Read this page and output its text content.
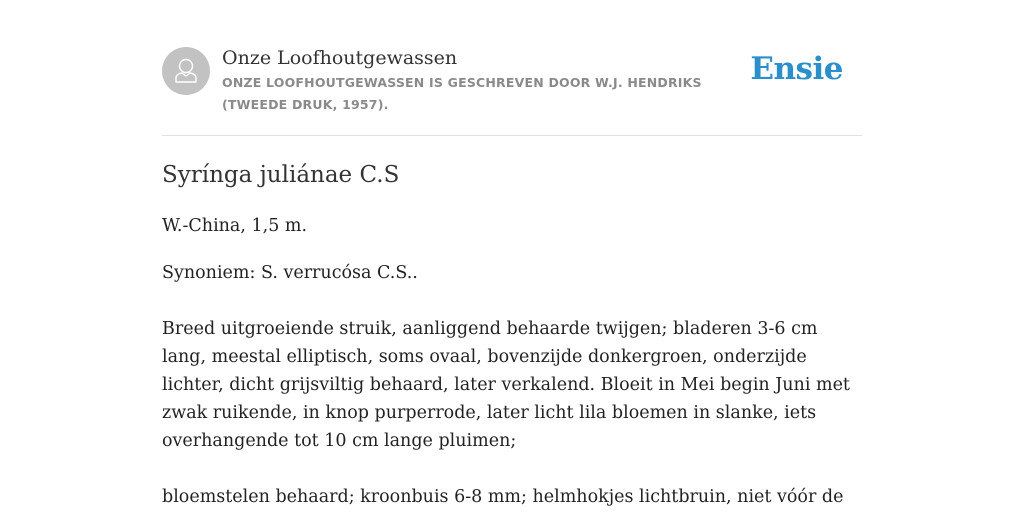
Onze Loofhoutgewassen
ONZE LOOFHOUTGEWASSEN IS GESCHREVEN DOOR W.J. HENDRIKS (TWEEDE DRUK, 1957).
Ensie
Syrínga juliánae C.S

W.-China, 1,5 m.

Synoniem: S. verrucósa C.S..

Breed uitgroeiende struik, aanliggend behaarde twijgen; bladeren 3-6 cm lang, meestal elliptisch, soms ovaal, bovenzijde donkergroen, onderzijde lichter, dicht grijsviltig behaard, later verkalend. Bloeit in Mei begin Juni met zwak ruikende, in knop purperrode, later licht lila bloemen in slanke, iets overhangende tot 10 cm lange pluimen;

bloemstelen behaard; kroonbuis 6-8 mm; helmhokjes lichtbruin, niet vóór de
